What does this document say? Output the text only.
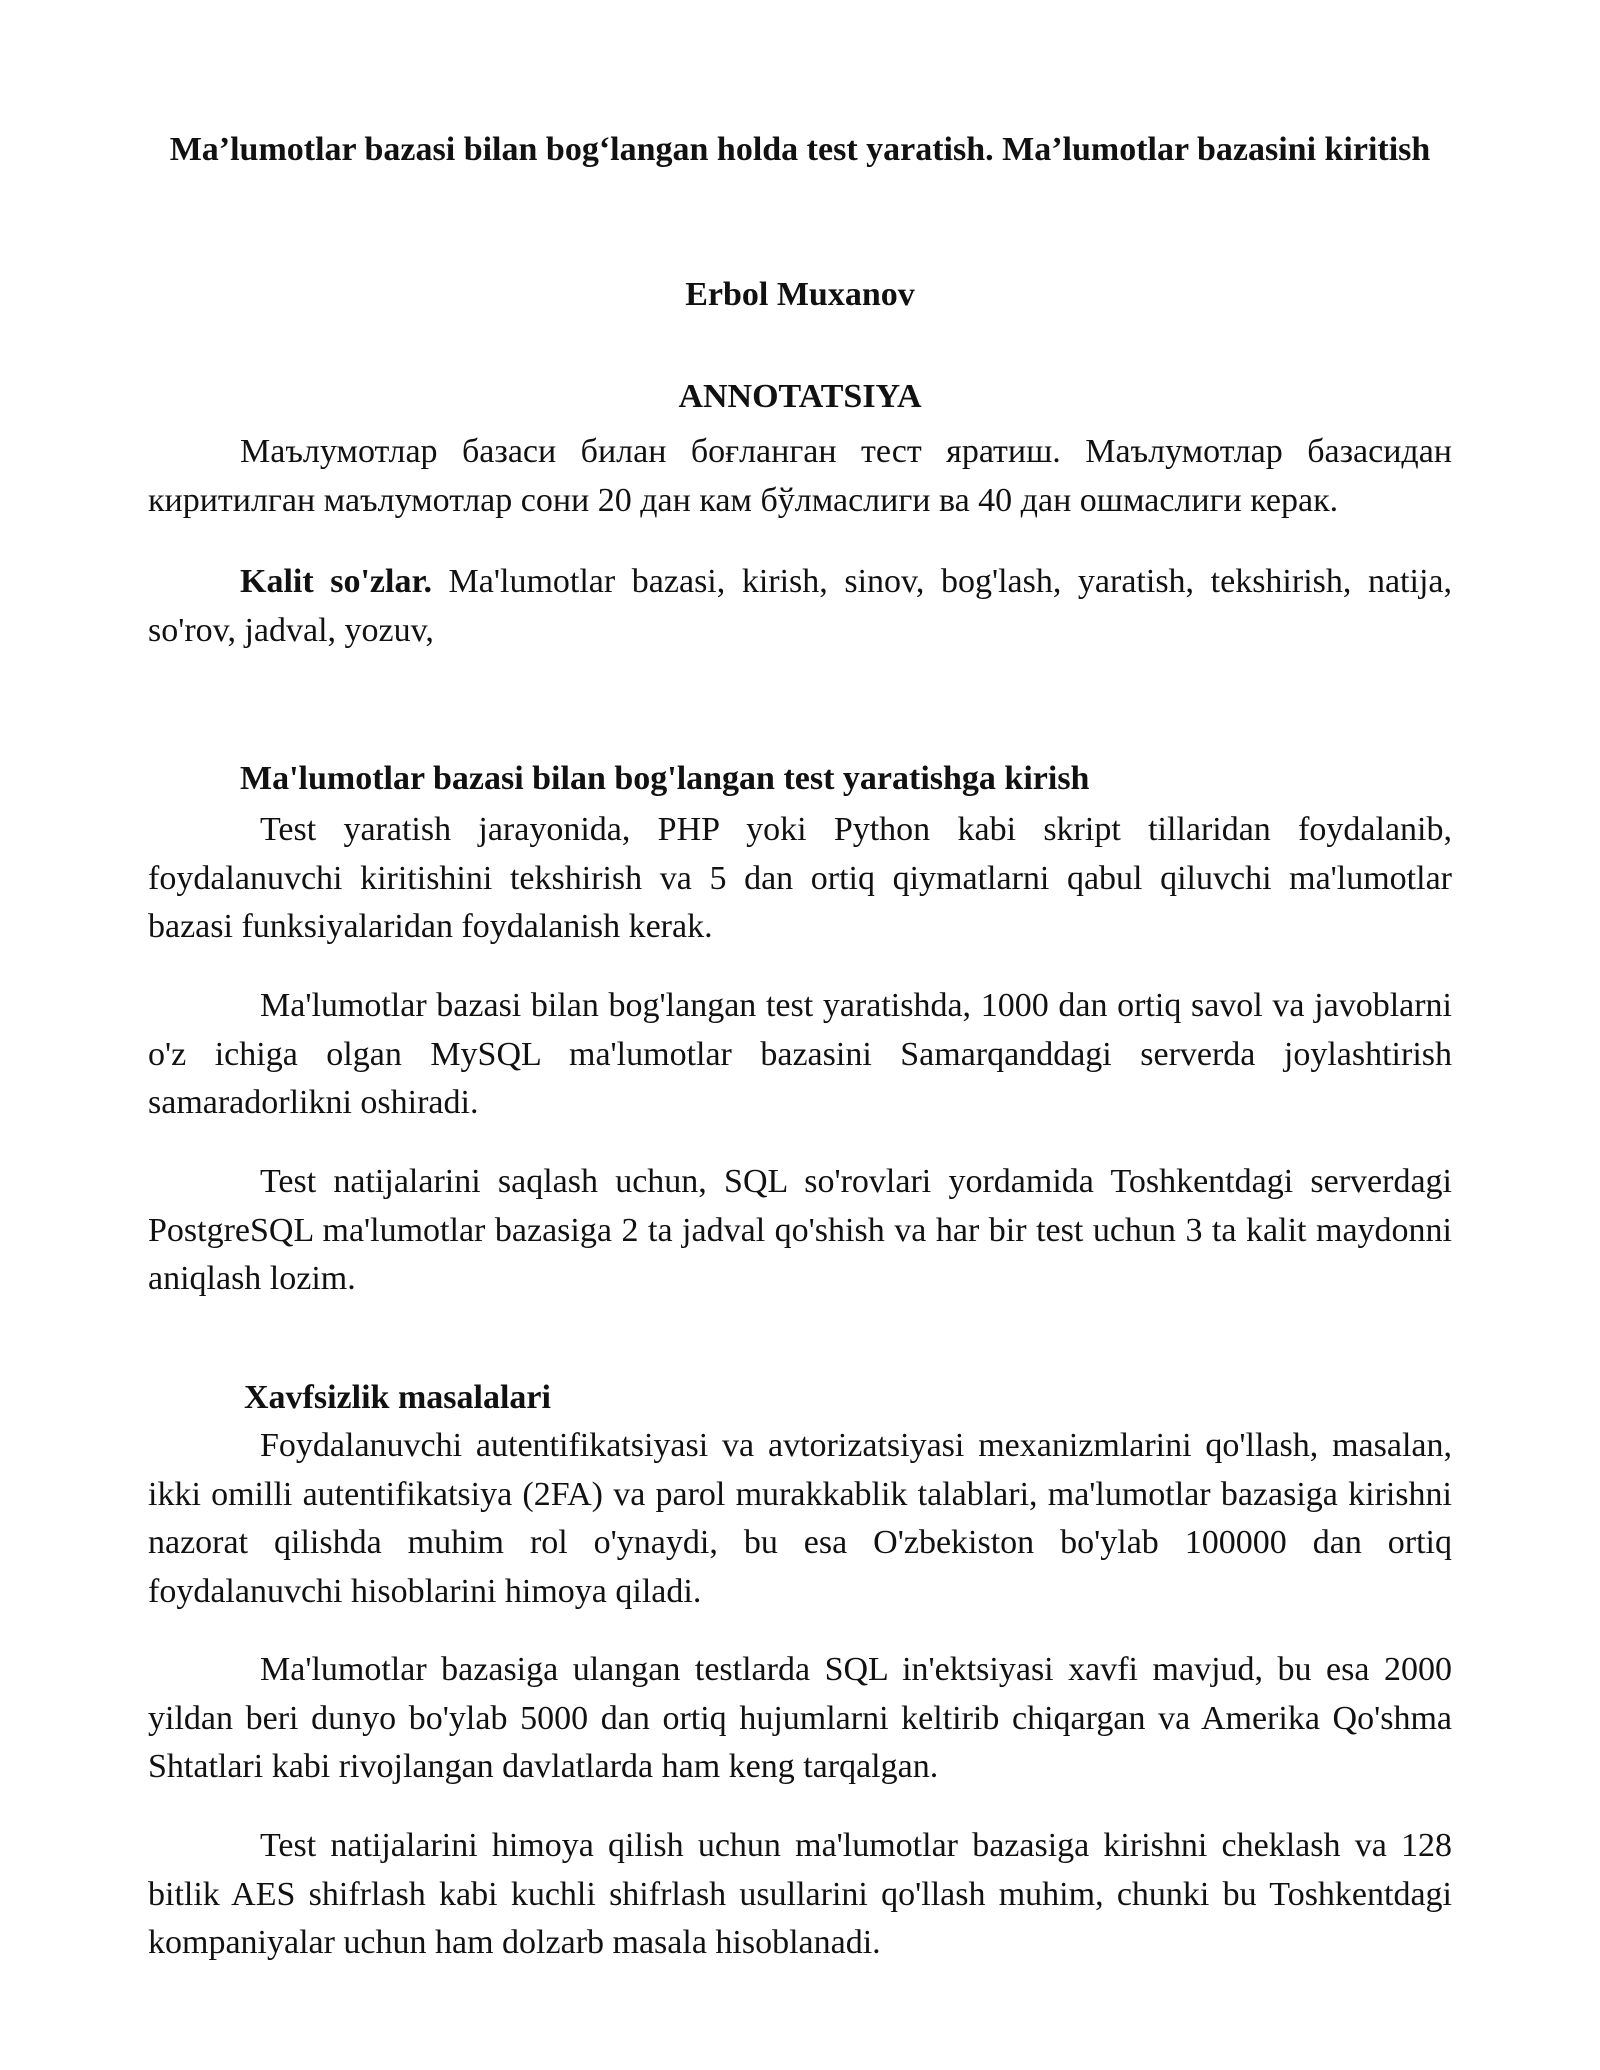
Ma’lumotlar bazasi bilan bog‘langan holda test yaratish. Ma’lumotlar bazasini kiritish

Erbol Muxanov

ANNOTATSIYA

Маълумотлар базаси билан боғланган тест яратиш. Маълумотлар базасидан киритилган маълумотлар сони 20 дан кам бўлмаслиги ва 40 дан ошмаслиги керак.

Kalit so'zlar. Ma'lumotlar bazasi, kirish, sinov, bog'lash, yaratish, tekshirish, natija, so'rov, jadval, yozuv,

Ma'lumotlar bazasi bilan bog'langan test yaratishga kirish

Test yaratish jarayonida, PHP yoki Python kabi skript tillaridan foydalanib, foydalanuvchi kiritishini tekshirish va 5 dan ortiq qiymatlarni qabul qiluvchi ma'lumotlar bazasi funksiyalaridan foydalanish kerak.

Ma'lumotlar bazasi bilan bog'langan test yaratishda, 1000 dan ortiq savol va javoblarni o'z ichiga olgan MySQL ma'lumotlar bazasini Samarqanddagi serverda joylashtirish samaradorlikni oshiradi.

Test natijalarini saqlash uchun, SQL so'rovlari yordamida Toshkentdagi serverdagi PostgreSQL ma'lumotlar bazasiga 2 ta jadval qo'shish va har bir test uchun 3 ta kalit maydonni aniqlash lozim.

Xavfsizlik masalalari

Foydalanuvchi autentifikatsiyasi va avtorizatsiyasi mexanizmlarini qo'llash, masalan, ikki omilli autentifikatsiya (2FA) va parol murakkablik talablari, ma'lumotlar bazasiga kirishni nazorat qilishda muhim rol o'ynaydi, bu esa O'zbekiston bo'ylab 100000 dan ortiq foydalanuvchi hisoblarini himoya qiladi.

Ma'lumotlar bazasiga ulangan testlarda SQL in'ektsiyasi xavfi mavjud, bu esa 2000 yildan beri dunyo bo'ylab 5000 dan ortiq hujumlarni keltirib chiqargan va Amerika Qo'shma Shtatlari kabi rivojlangan davlatlarda ham keng tarqalgan.

Test natijalarini himoya qilish uchun ma'lumotlar bazasiga kirishni cheklash va 128 bitlik AES shifrlash kabi kuchli shifrlash usullarini qo'llash muhim, chunki bu Toshkentdagi kompaniyalar uchun ham dolzarb masala hisoblanadi.
